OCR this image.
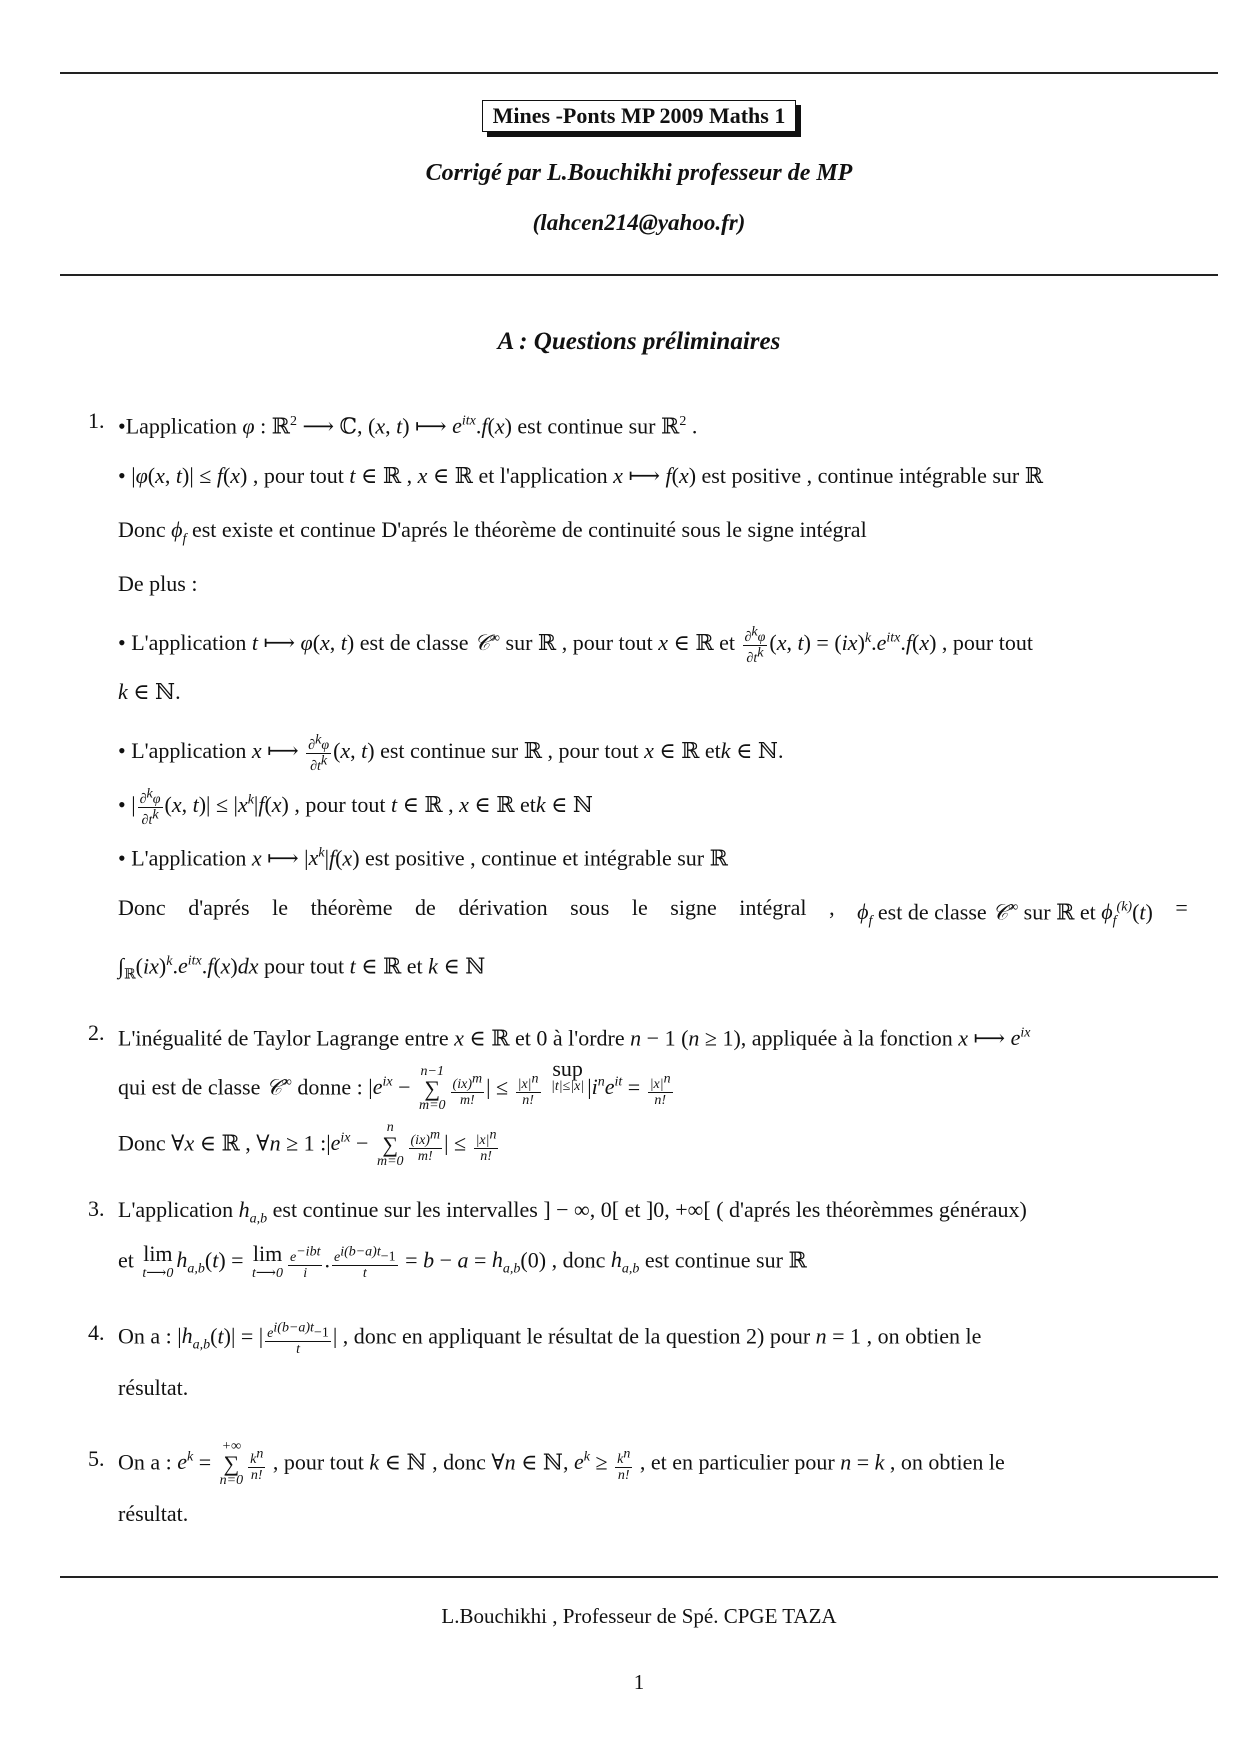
Mines -Ponts MP 2009 Maths 1
Corrigé par L.Bouchikhi professeur de MP
(lahcen214@yahoo.fr)
A : Questions préliminaires
1. •Lapplication φ : ℝ$^2$ ⟶ ℂ, (x, t) ⟼ $e^{itx}.f(x)$ est continue sur ℝ$^2$ .
• |φ(x, t)| ≤ f(x) , pour tout t ∈ ℝ , x ∈ ℝ et l'application x ⟼ f(x) est positive , continue intégrable sur ℝ
Donc $\phi_f$ est existe et continue D'aprés le théorème de continuité sous le signe intégral
De plus :
• L'application t ⟼ φ(x, t) est de classe 𝒞∞ sur ℝ , pour tout x ∈ ℝ et $\frac{\partial^k\varphi}{\partial t^k} (x$, $t) = (ix)^k.e^{itx}.f(x)$ , pour tout
k ∈ ℕ.
• L'application x ⟼ $\frac{\partial^k\varphi}{\partial t^k} (x$, t) est continue sur ℝ , pour tout x ∈ ℝ etk ∈ ℕ.
• | $\frac{\partial^k\varphi}{\partial t^k} (x$, $t)| \le |x^k|f(x)$ , pour tout t ∈ ℝ , x ∈ ℝ etk ∈ ℕ
• L'application x ⟼ $|x^k|f(x)$ est positive , continue et intégrable sur ℝ
Donc d'aprés le théorème de dérivation sous le signe intégral , $\phi_f$ est de classe 𝒞∞ sur ℝ et $\phi_f^{(k)}(t)$ =
$\int_ℝ(ix)^k.e^{itx}.f(x)dx$ pour tout t ∈ ℝ et k ∈ ℕ
2. L'inégualité de Taylor Lagrange entre x ∈ ℝ et 0 à l'ordre n − 1 (n ≥ 1), appliquée à la fonction x ⟼ $e^{ix}$
qui est de classe 𝒞∞ donne : $|e^{ix}$ −
n−1
∑
$m=0 \frac{(ix)^m}{m!}$ | ≤ $\frac{|x|^n}{n!}$
sup
|t|≤|x| $|i^ne^{it} = \frac{|x|^n}{n!}$
Donc ∀x ∈ ℝ , ∀n ≥ 1 $:|e^{ix}$ −
n
∑
$m=0 \frac{(ix)^m}{m!}$ | ≤ $\frac{|x|^n}{n!}$
3. L'application $h_{a,b}$ est continue sur les intervalles ] − ∞, 0[ et ]0, +∞[ ( d'aprés les théorèmmes généraux)
et lim
t⟶0
$h_{a,b}(t) = \lim$
t⟶0 $\frac{e^{-ibt}}{i}$ . $\frac{e^{i(b-a)t}-1}{t} = b - a = h_{a,b}(0)$ , donc $h_{a,b}$ est continue sur ℝ
4. On a : $|h_{a,b}(t)|$ = | $\frac{e^{i(b-a)t}-1}{t}$ | , donc en appliquant le résultat de la question 2) pour n = 1 , on obtien le
résultat.
5. On a : $e^k$ =
+∞
∑
$n=0 \frac{k^n}{n!}$ , pour tout k ∈ ℕ , donc ∀n ∈ ℕ, $e^k \ge \frac{k^n}{n!}$ , et en particulier pour n = k , on obtien le
résultat.
L.Bouchikhi , Professeur de Spé. CPGE TAZA
1
